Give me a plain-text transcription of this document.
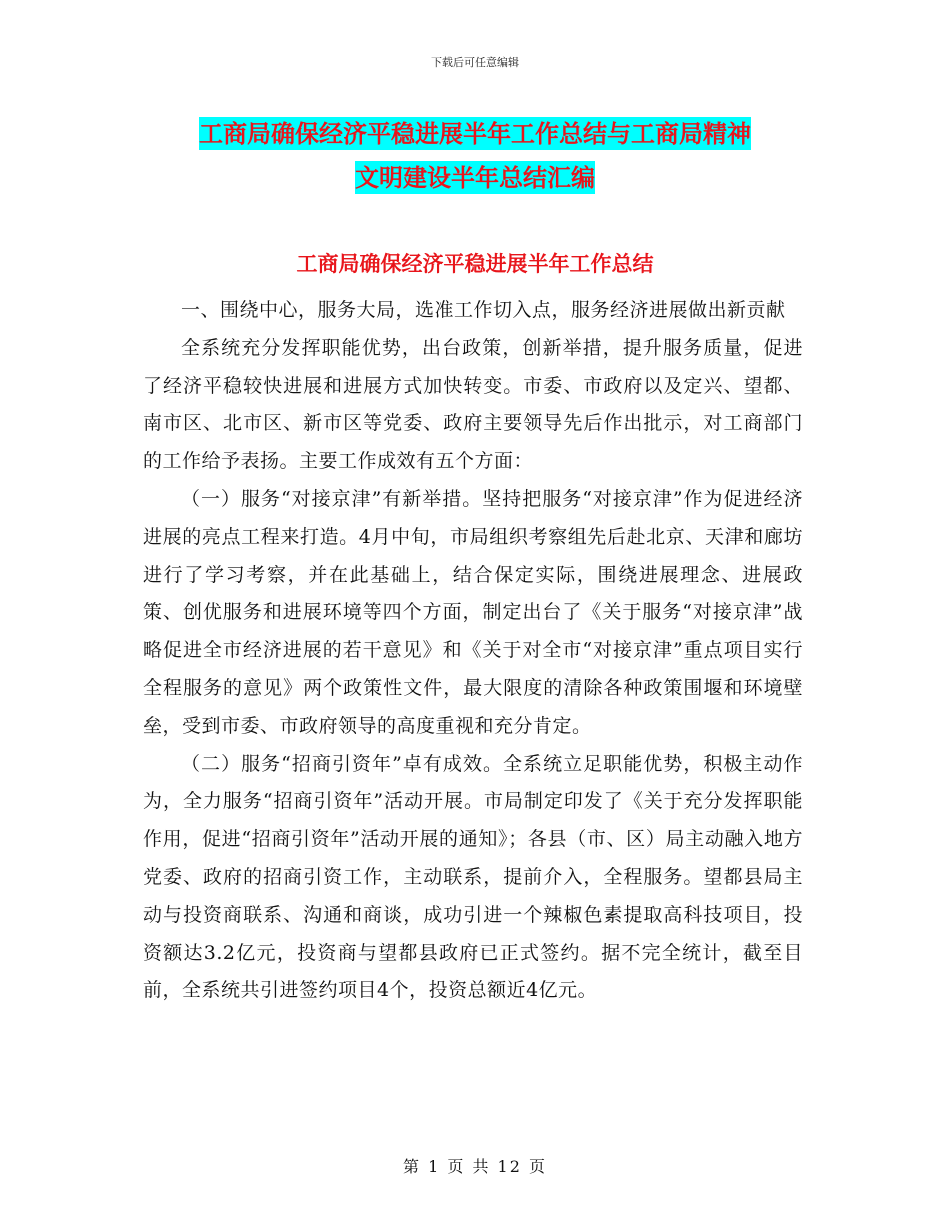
下载后可任意编辑
工商局确保经济平稳进展半年工作总结与工商局精神
文明建设半年总结汇编
工商局确保经济平稳进展半年工作总结

一、围绕中心，服务大局，选准工作切入点，服务经济进展做出新贡献

全系统充分发挥职能优势，出台政策，创新举措，提升服务质量，促进了经济平稳较快进展和进展方式加快转变。市委、市政府以及定兴、望都、南市区、北市区、新市区等党委、政府主要领导先后作出批示，对工商部门的工作给予表扬。主要工作成效有五个方面：

（一）服务“对接京津”有新举措。坚持把服务“对接京津”作为促进经济进展的亮点工程来打造。4月中旬，市局组织考察组先后赴北京、天津和廊坊进行了学习考察，并在此基础上，结合保定实际，围绕进展理念、进展政策、创优服务和进展环境等四个方面，制定出台了《关于服务“对接京津”战略促进全市经济进展的若干意见》和《关于对全市“对接京津”重点项目实行全程服务的意见》两个政策性文件，最大限度的清除各种政策围堰和环境壁垒，受到市委、市政府领导的高度重视和充分肯定。

（二）服务“招商引资年”卓有成效。全系统立足职能优势，积极主动作为，全力服务“招商引资年”活动开展。市局制定印发了《关于充分发挥职能作用，促进“招商引资年”活动开展的通知》；各县（市、区）局主动融入地方党委、政府的招商引资工作，主动联系，提前介入，全程服务。望都县局主动与投资商联系、沟通和商谈，成功引进一个辣椒色素提取高科技项目，投资额达3.2亿元，投资商与望都县政府已正式签约。据不完全统计，截至目前，全系统共引进签约项目4个，投资总额近4亿元。

第 1 页 共 12 页
